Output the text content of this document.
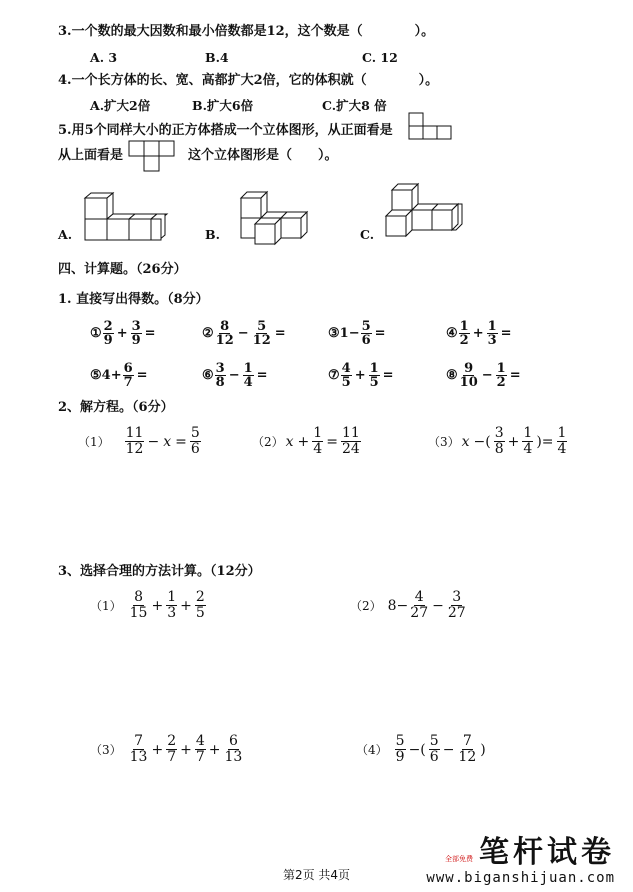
3.一个数的最大因数和最小倍数都是12，这个数是（　　　　）。
A. 3	B.4	C. 12
4.一个长方体的长、宽、高都扩大2倍，它的体积就（　　　　）。
A.扩大2倍	B.扩大6倍	C.扩大8 倍
5.用5个同样大小的正方体搭成一个立体图形，从正面看是
从上面看是	这个立体图形是（　　）。
A.	B.	C.
四、计算题。（26分）
1. 直接写出得数。（8分）
① $\frac{2}{9} + \frac{3}{9}$ =	② $\frac{8}{12} - \frac{5}{12}$ =	③ $1- \frac{5}{6}$ =	④ $\frac{1}{2} + \frac{1}{3}$ =
⑤ $4+ \frac{6}{7}$ =	⑥ $\frac{3}{8} - \frac{1}{4}$ =	⑦ $\frac{4}{5} + \frac{1}{5}$ =	⑧ $\frac{9}{10} - \frac{1}{2}$ =
2、解方程。（6分）
$(1) \frac{11}{12} - x = \frac{5}{6}$	（2） $x + \frac{1}{4} = \frac{11}{24}$	（3） x −( $\frac{3}{8} + \frac{1}{4}$ )= $\frac{1}{4}$
3、选择合理的方法计算。（12分）
$(1) \frac{8}{15} + \frac{1}{3} + \frac{2}{5}$	（2） $8- \frac{4}{27} - \frac{3}{27}$
$(3) \frac{7}{13} + \frac{2}{7} + \frac{4}{7} + \frac{6}{13}$	$(4) \frac{5}{9}$ −( $\frac{5}{6} - \frac{7}{12}$ )
第2页 共4页
全部免费 笔杆试卷
www.biganshijuan.com
